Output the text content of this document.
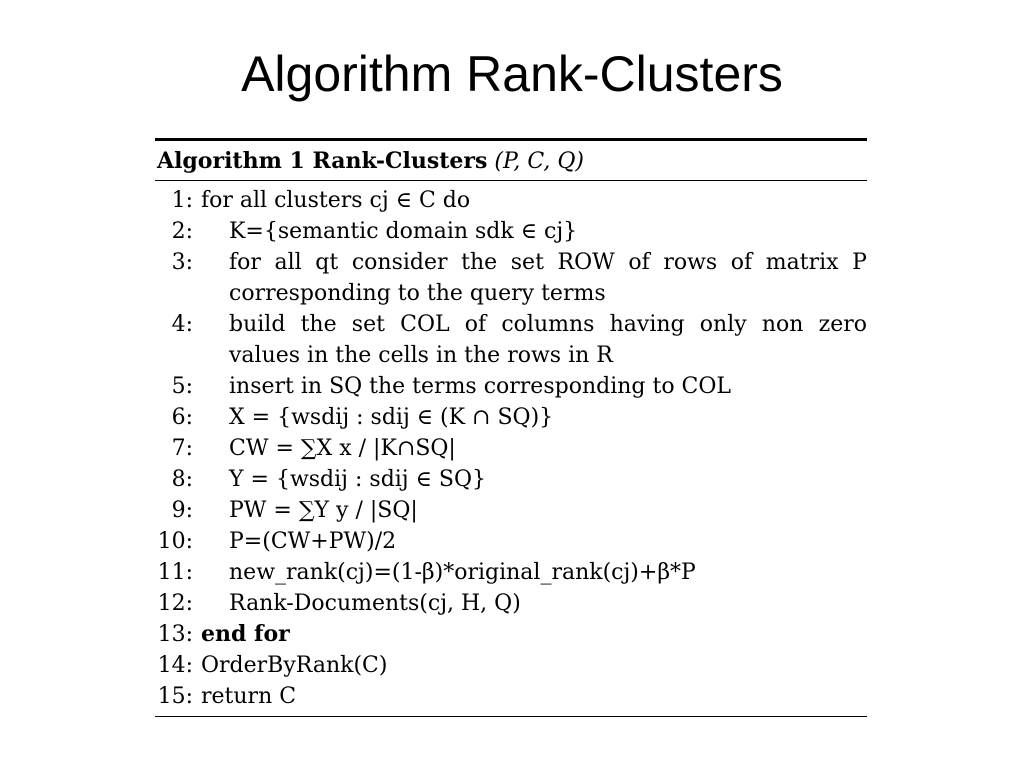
Algorithm Rank-Clusters
Algorithm 1 Rank-Clusters (P, C, Q)
1: for all clusters cj ∈ C do
2: K={semantic domain sdk ∈ cj}
3: for all qt consider the set ROW of rows of matrix P corresponding to the query terms
4: build the set COL of columns having only non zero values in the cells in the rows in R
5: insert in SQ the terms corresponding to COL
6: X = {wsdij : sdij ∈ (K ∩ SQ)}
7: CW = ∑X x / |K∩SQ|
8: Y = {wsdij : sdij ∈ SQ}
9: PW = ∑Y y / |SQ|
10: P=(CW+PW)/2
11: new_rank(cj)=(1-β)*original_rank(cj)+β*P
12: Rank-Documents(cj, H, Q)
13: end for
14: OrderByRank(C)
15: return C
